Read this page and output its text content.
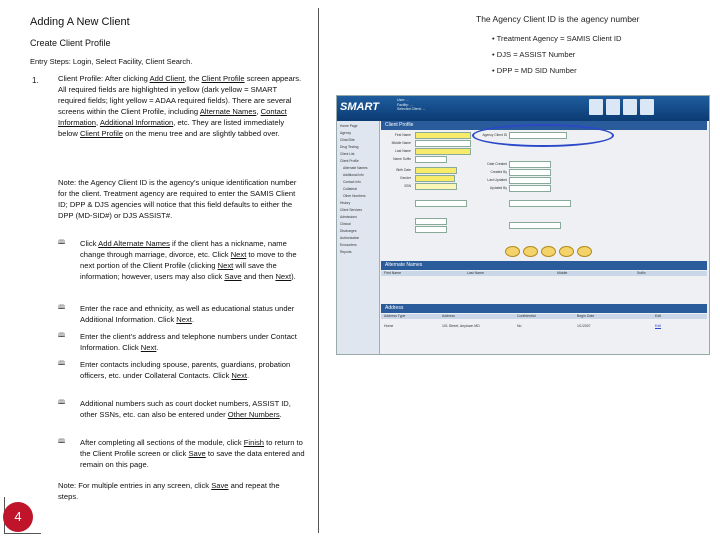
Adding A New Client
Create Client Profile
Entry Steps: Login, Select Facility, Client Search.
1.	Client Profile: After clicking Add Client, the Client Profile screen appears. All required fields are highlighted in yellow (dark yellow = SMART required fields; light yellow = ADAA required fields). There are several screens within the Client Profile, including Alternate Names, Contact Information, Additional Information, etc. They are listed immediately below Client Profile on the menu tree and are slightly tabbed over.
Note: the Agency Client ID is the agency’s unique identification number for the client. Treatment agency are required to enter the SAMIS Client ID; DPP & DJS agencies will notice that this field defaults to either the DPP (MD-SID#) or DJS ASSIST#.
🕮 Click Add Alternate Names if the client has a nickname, name change through marriage, divorce, etc. Click Next to move to the next portion of the Client Profile (clicking Next will save the information; however, users may also click Save and then Next).
🕮 Enter the race and ethnicity, as well as educational status under Additional Information. Click Next.
🕮 Enter the client’s address and telephone numbers under Contact Information. Click Next.
🕮 Enter contacts including spouse, parents, guardians, probation officers, etc. under Collateral Contacts. Click Next.
🕮 Additional numbers such as court docket numbers, ASSIST ID, other SSNs, etc. can also be entered under Other Numbers.
🕮 After completing all sections of the module, click Finish to return to the Client Profile screen or click Save to save the data entered and remain on this page.
Note: For multiple entries in any screen, click Save and repeat the steps.
4
The Agency Client ID is the agency number
• Treatment Agency = SAMIS Client ID
• DJS = ASSIST Number
• DPP = MD SID Number
SMART
User: ...
Facility: ...
Selected Client: ...
Home Page
Agency
Clinic/Site
Drug Testing
Client List
Client Profile
Alternate Names
Additional Info
Contact Info
Collateral
Other Numbers
History
Client Services
Admissions
Clinical
Discharges
Authorization
Encounters
Reports
Client Profile
First Name
Middle Name
Last Name
Name Suffix
Birth Date
Gender
SSN
Agency Client ID
Date Created
Created By
Last Updated
Updated By
Alternate Names
First Name	Last Name	Middle	Suffix
Address
Address Type	Address	Confidential	Begin Date	Edit
Home	101 Street, Anytown MD	No	1/1/2007	Edit
